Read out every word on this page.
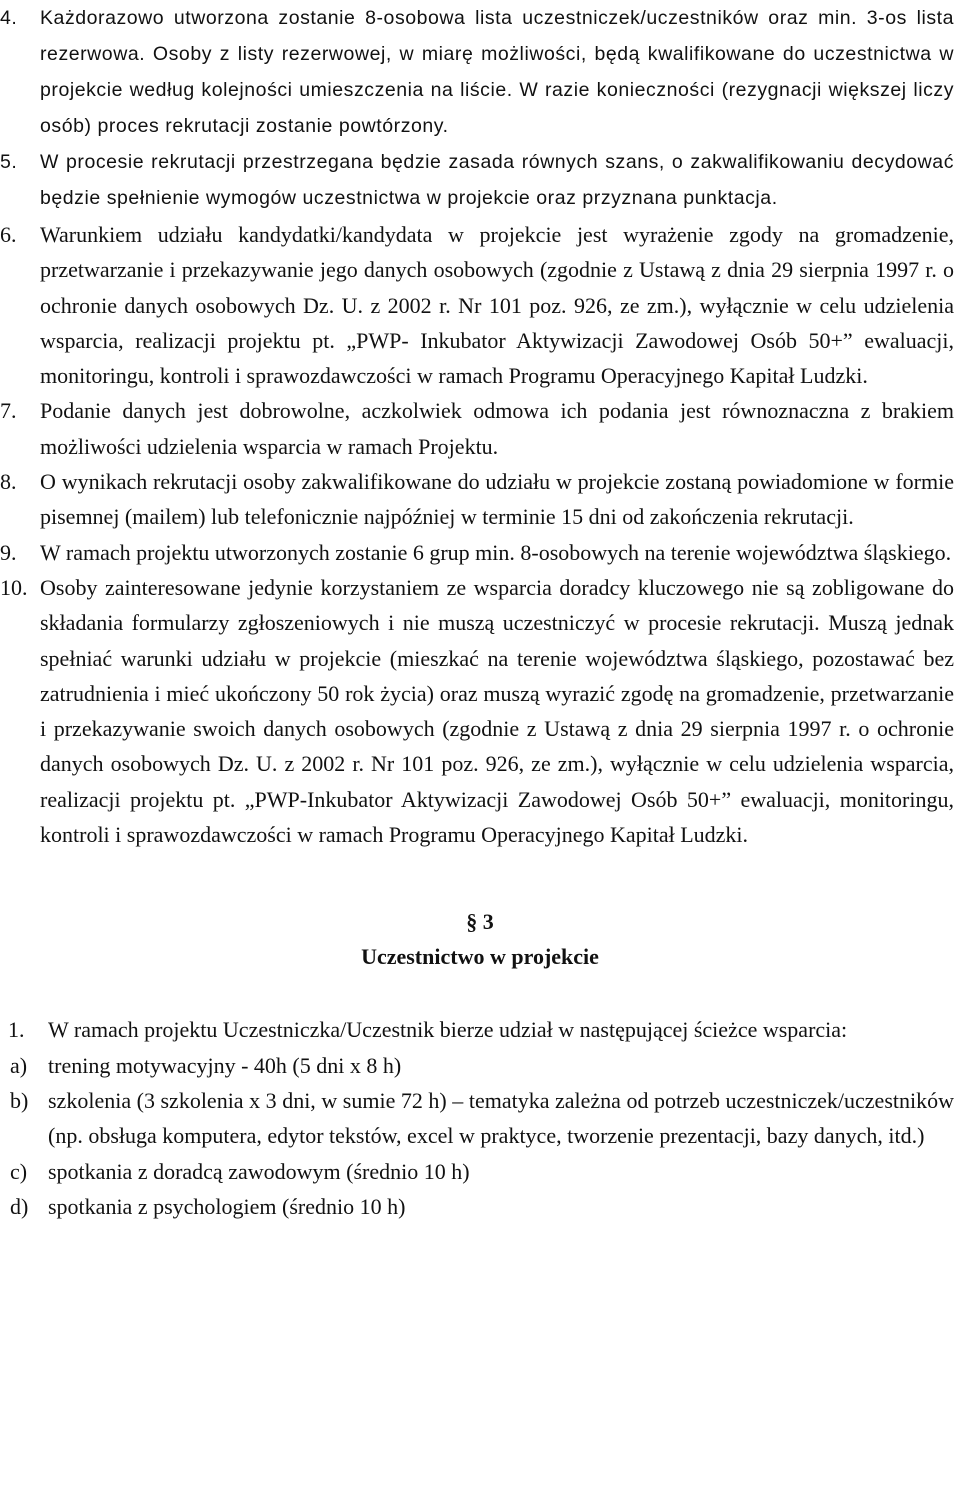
4. Każdorazowo utworzona zostanie 8-osobowa lista uczestniczek/uczestników oraz min. 3-os lista rezerwowa. Osoby z listy rezerwowej, w miarę możliwości, będą kwalifikowane do uczestnictwa w projekcie według kolejności umieszczenia na liście. W razie konieczności (rezygnacji większej liczy osób) proces rekrutacji zostanie powtórzony.
5. W procesie rekrutacji przestrzegana będzie zasada równych szans, o zakwalifikowaniu decydować będzie spełnienie wymogów uczestnictwa w projekcie oraz przyznana punktacja.
6. Warunkiem udziału kandydatki/kandydata w projekcie jest wyrażenie zgody na gromadzenie, przetwarzanie i przekazywanie jego danych osobowych (zgodnie z Ustawą z dnia 29 sierpnia 1997 r. o ochronie danych osobowych Dz. U. z 2002 r. Nr 101 poz. 926, ze zm.), wyłącznie w celu udzielenia wsparcia, realizacji projektu pt. „PWP- Inkubator Aktywizacji Zawodowej Osób 50+” ewaluacji, monitoringu, kontroli i sprawozdawczości w ramach Programu Operacyjnego Kapitał Ludzki.
7. Podanie danych jest dobrowolne, aczkolwiek odmowa ich podania jest równoznaczna z brakiem możliwości udzielenia wsparcia w ramach Projektu.
8. O wynikach rekrutacji osoby zakwalifikowane do udziału w projekcie zostaną powiadomione w formie pisemnej (mailem) lub telefonicznie najpóźniej w terminie 15 dni od zakończenia rekrutacji.
9. W ramach projektu utworzonych zostanie 6 grup min. 8-osobowych na terenie województwa śląskiego.
10. Osoby zainteresowane jedynie korzystaniem ze wsparcia doradcy kluczowego nie są zobligowane do składania formularzy zgłoszeniowych i nie muszą uczestniczyć w procesie rekrutacji. Muszą jednak spełniać warunki udziału w projekcie (mieszkać na terenie województwa śląskiego, pozostawać bez zatrudnienia i mieć ukończony 50 rok życia) oraz muszą wyrazić zgodę na gromadzenie, przetwarzanie i przekazywanie swoich danych osobowych (zgodnie z Ustawą z dnia 29 sierpnia 1997 r. o ochronie danych osobowych Dz. U. z 2002 r. Nr 101 poz. 926, ze zm.), wyłącznie w celu udzielenia wsparcia, realizacji projektu pt. „PWP-Inkubator Aktywizacji Zawodowej Osób 50+” ewaluacji, monitoringu, kontroli i sprawozdawczości w ramach Programu Operacyjnego Kapitał Ludzki.
§ 3
Uczestnictwo w projekcie
1. W ramach projektu Uczestniczka/Uczestnik bierze udział w następującej ścieżce wsparcia:
a) trening motywacyjny - 40h (5 dni x 8 h)
b) szkolenia (3 szkolenia x 3 dni, w sumie 72 h) – tematyka zależna od potrzeb uczestniczek/uczestników (np. obsługa komputera, edytor tekstów, excel w praktyce, tworzenie prezentacji, bazy danych, itd.)
c) spotkania z doradcą zawodowym (średnio 10 h)
d) spotkania z psychologiem (średnio 10 h)
